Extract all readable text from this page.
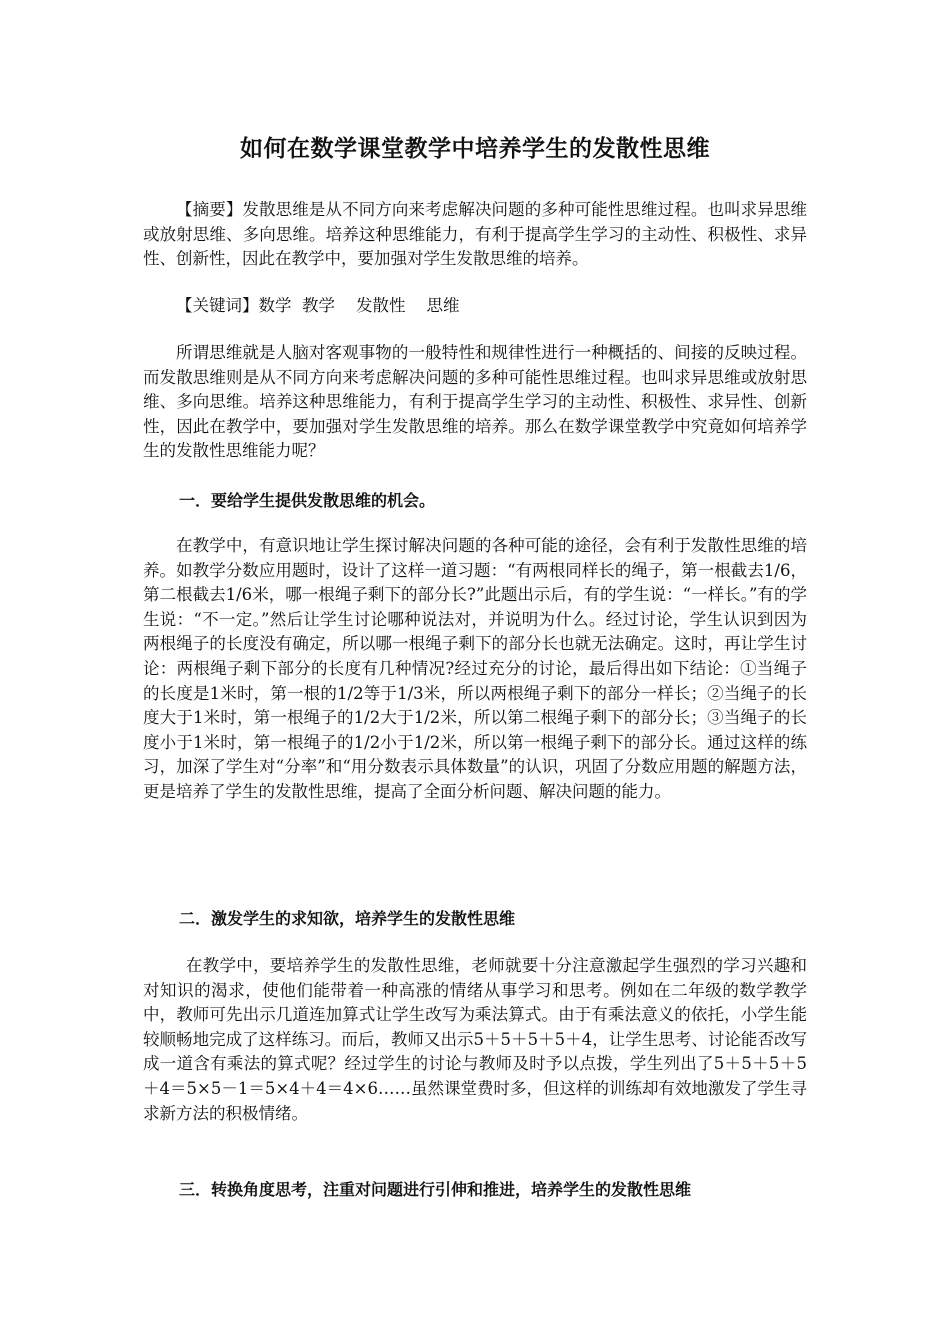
如何在数学课堂教学中培养学生的发散性思维

【摘要】发散思维是从不同方向来考虑解决问题的多种可能性思维过程。也叫求异思维或放射思维、多向思维。培养这种思维能力，有利于提高学生学习的主动性、积极性、求异性、创新性，因此在教学中，要加强对学生发散思维的培养。

【关键词】数学  教学    发散性    思维

所谓思维就是人脑对客观事物的一般特性和规律性进行一种概括的、间接的反映过程。而发散思维则是从不同方向来考虑解决问题的多种可能性思维过程。也叫求异思维或放射思维、多向思维。培养这种思维能力，有利于提高学生学习的主动性、积极性、求异性、创新性，因此在教学中，要加强对学生发散思维的培养。那么在数学课堂教学中究竟如何培养学生的发散性思维能力呢？

一．要给学生提供发散思维的机会。

在教学中，有意识地让学生探讨解决问题的各种可能的途径，会有利于发散性思维的培养。如教学分数应用题时，设计了这样一道习题：“有两根同样长的绳子，第一根截去1/6，第二根截去1/6米，哪一根绳子剩下的部分长?”此题出示后，有的学生说：“一样长。”有的学生说：“不一定。”然后让学生讨论哪种说法对，并说明为什么。经过讨论，学生认识到因为两根绳子的长度没有确定，所以哪一根绳子剩下的部分长也就无法确定。这时，再让学生讨论：两根绳子剩下部分的长度有几种情况?经过充分的讨论，最后得出如下结论：①当绳子的长度是1米时，第一根的1/2等于1/3米，所以两根绳子剩下的部分一样长；②当绳子的长度大于1米时，第一根绳子的1/2大于1/2米，所以第二根绳子剩下的部分长；③当绳子的长度小于1米时，第一根绳子的1/2小于1/2米，所以第一根绳子剩下的部分长。通过这样的练习，加深了学生对“分率”和“用分数表示具体数量”的认识，巩固了分数应用题的解题方法，更是培养了学生的发散性思维，提高了全面分析问题、解决问题的能力。

二．激发学生的求知欲，培养学生的发散性思维

在教学中，要培养学生的发散性思维，老师就要十分注意激起学生强烈的学习兴趣和对知识的渴求，使他们能带着一种高涨的情绪从事学习和思考。例如在二年级的数学教学中，教师可先出示几道连加算式让学生改写为乘法算式。由于有乘法意义的依托，小学生能较顺畅地完成了这样练习。而后，教师又出示5＋5＋5＋5＋4，让学生思考、讨论能否改写成一道含有乘法的算式呢？经过学生的讨论与教师及时予以点拨，学生列出了5＋5＋5＋5＋4＝5×5－1＝5×4＋4＝4×6……虽然课堂费时多，但这样的训练却有效地激发了学生寻求新方法的积极情绪。

三．转换角度思考，注重对问题进行引伸和推进，培养学生的发散性思维
